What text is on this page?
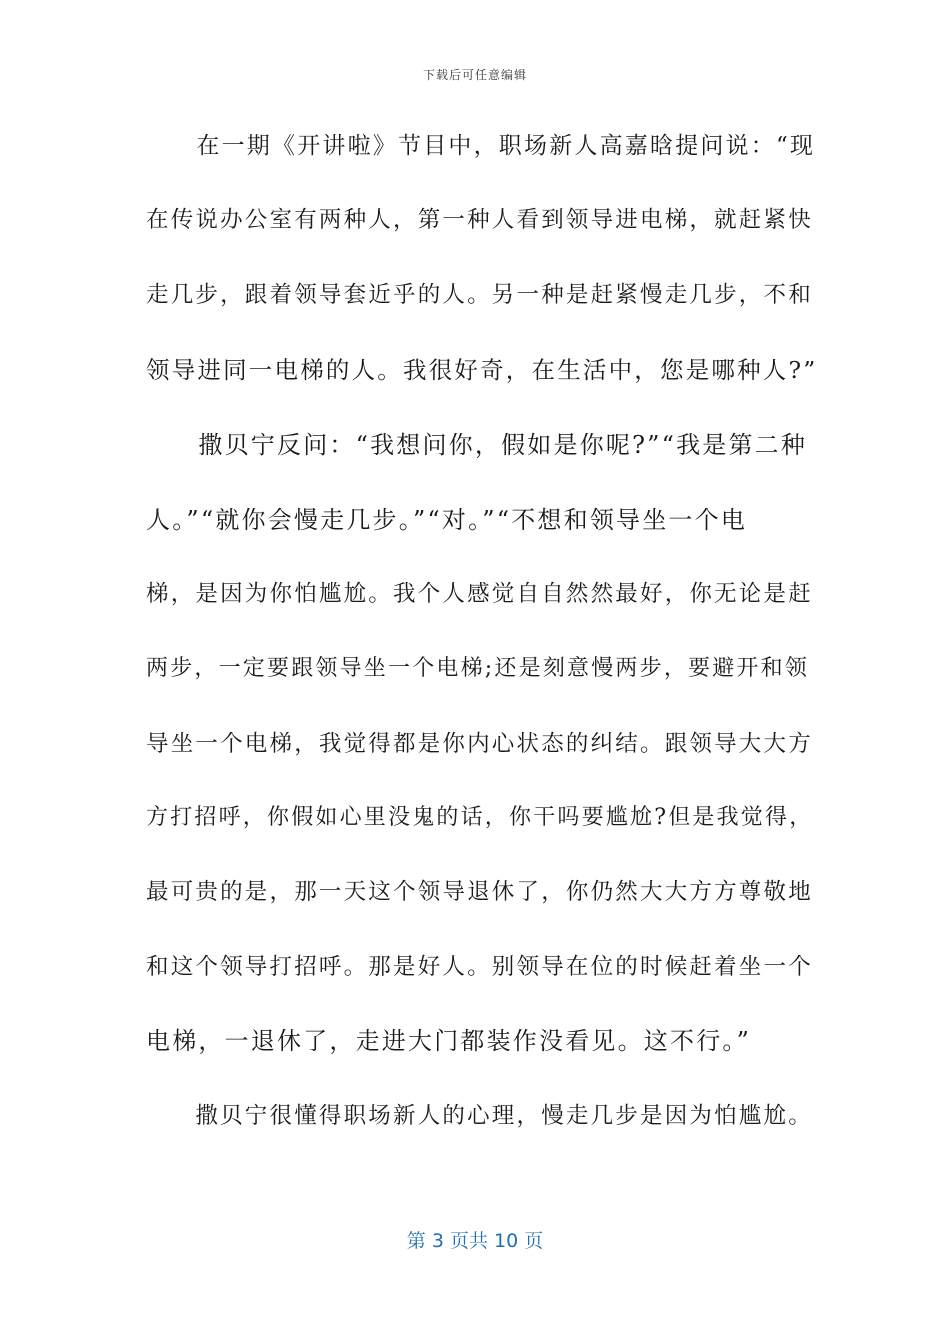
下载后可任意编辑
　　在一期《开讲啦》节目中，职场新人高嘉晗提问说：“现
在传说办公室有两种人，第一种人看到领导进电梯，就赶紧快
走几步，跟着领导套近乎的人。另一种是赶紧慢走几步，不和
领导进同一电梯的人。我很好奇，在生活中，您是哪种人?”
　　撒贝宁反问：“我想问你，假如是你呢?”“我是第二种
人。”“就你会慢走几步。”“对。”“不想和领导坐一个电
梯，是因为你怕尴尬。我个人感觉自自然然最好，你无论是赶
两步，一定要跟领导坐一个电梯;还是刻意慢两步，要避开和领
导坐一个电梯，我觉得都是你内心状态的纠结。跟领导大大方
方打招呼，你假如心里没鬼的话，你干吗要尴尬?但是我觉得，
最可贵的是，那一天这个领导退休了，你仍然大大方方尊敬地
和这个领导打招呼。那是好人。别领导在位的时候赶着坐一个
电梯，一退休了，走进大门都装作没看见。这不行。”
　　撒贝宁很懂得职场新人的心理，慢走几步是因为怕尴尬。
第 3 页共 10 页
